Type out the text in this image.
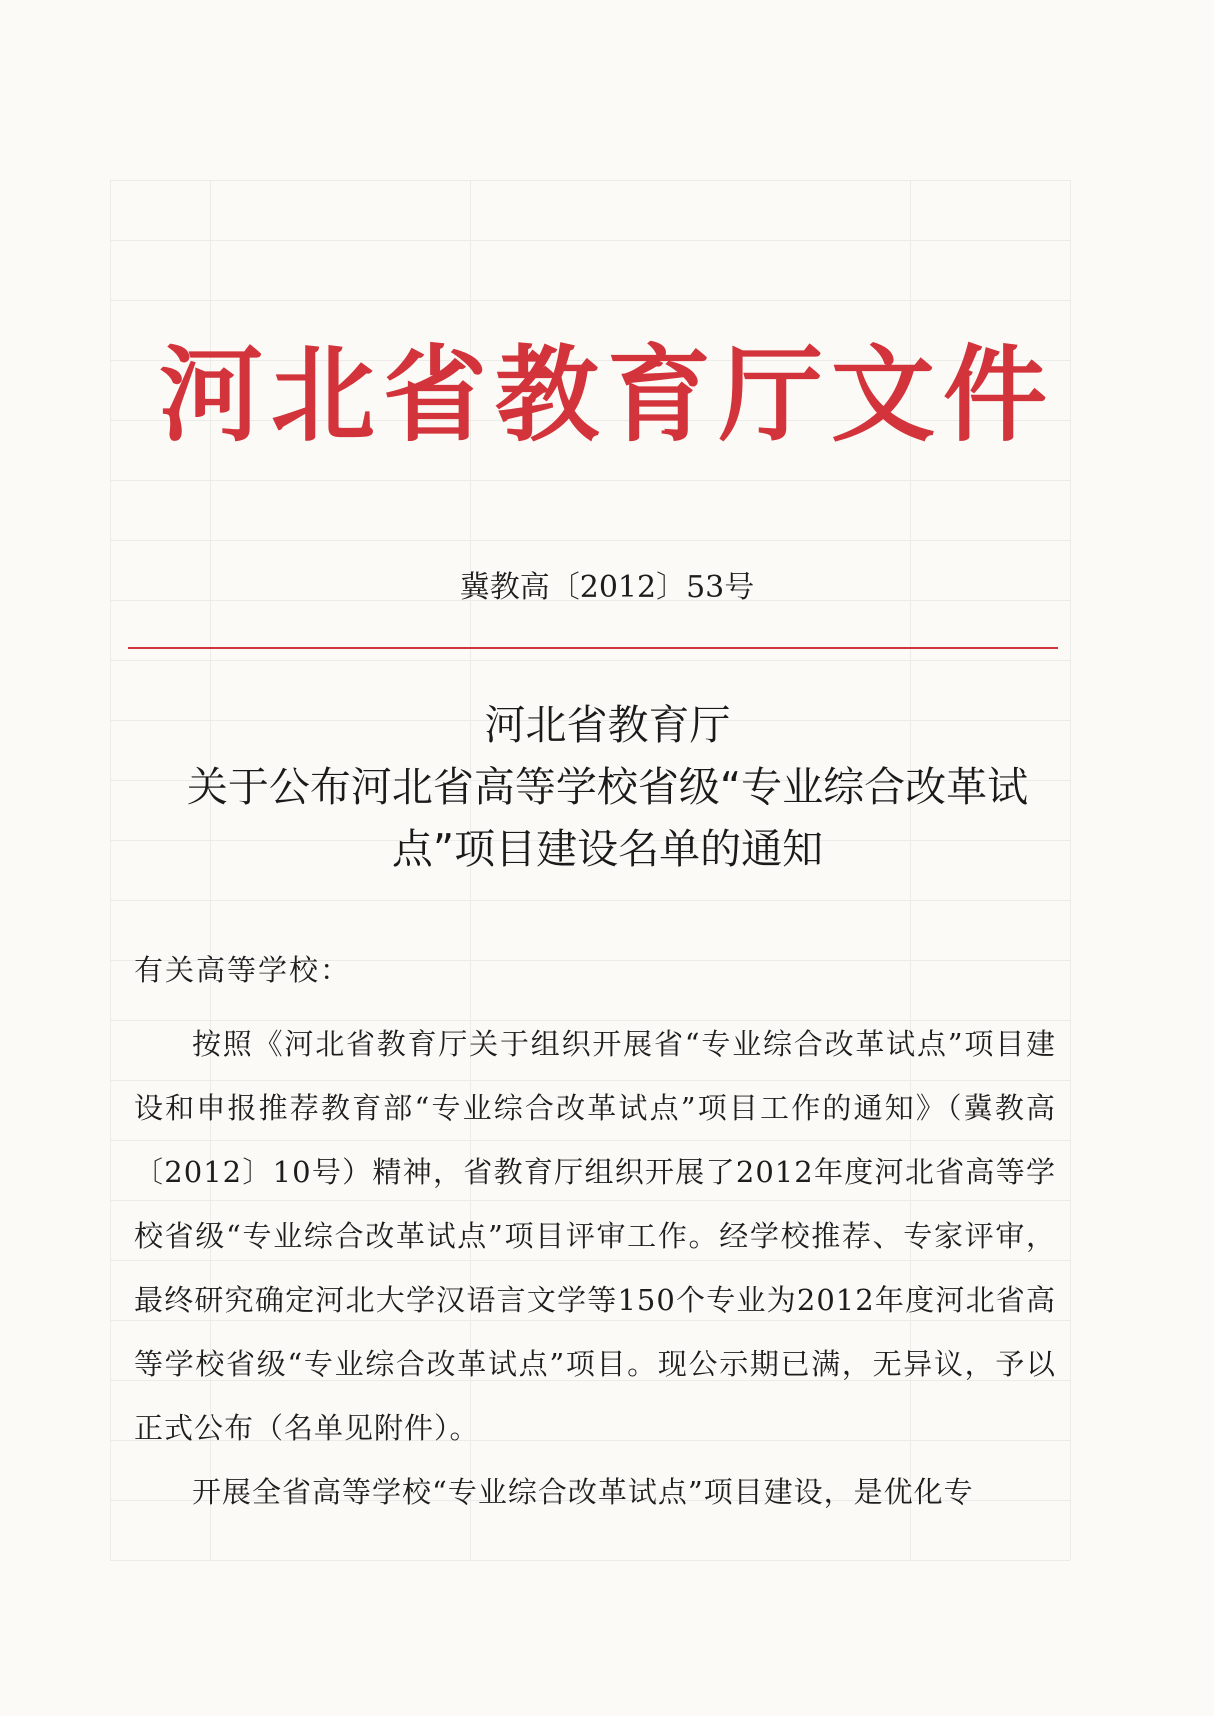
河北省教育厅文件
冀教高〔2012〕53号
河北省教育厅
关于公布河北省高等学校省级“专业综合改革试
点”项目建设名单的通知
有关高等学校：

按照《河北省教育厅关于组织开展省“专业综合改革试点”项目建设和申报推荐教育部“专业综合改革试点”项目工作的通知》（冀教高〔2012〕10号）精神，省教育厅组织开展了2012年度河北省高等学校省级“专业综合改革试点”项目评审工作。经学校推荐、专家评审，最终研究确定河北大学汉语言文学等150个专业为2012年度河北省高等学校省级“专业综合改革试点”项目。现公示期已满，无异议，予以正式公布（名单见附件）。

开展全省高等学校“专业综合改革试点”项目建设，是优化专
